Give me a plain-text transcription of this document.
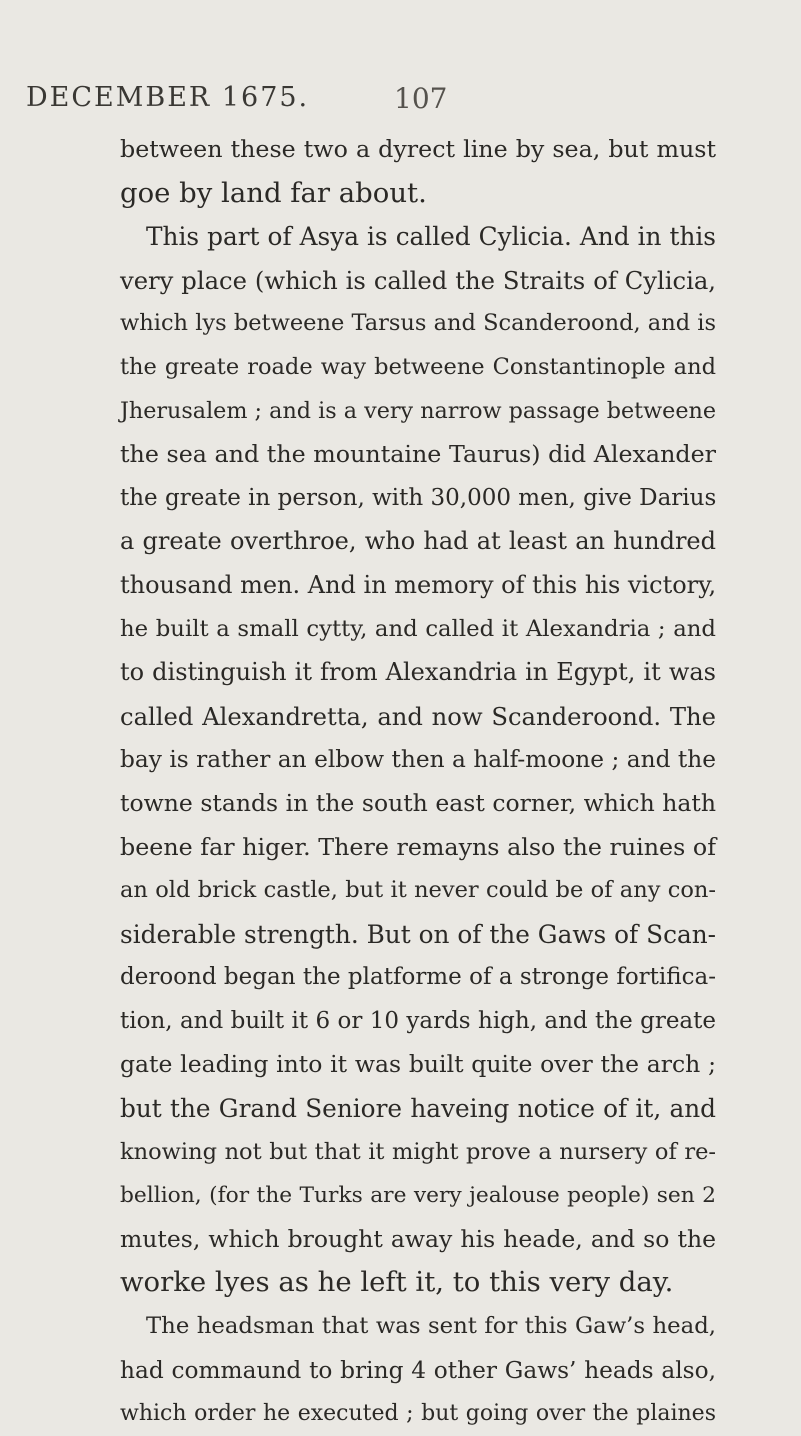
DECEMBER 1675.	107
between these two a dyrect line by sea, but must
goe by land far about.
This part of Asya is called Cylicia. And in this
very place (which is called the Straits of Cylicia,
which lys betweene Tarsus and Scanderoond, and is
the greate roade way betweene Constantinople and
Jherusalem ; and is a very narrow passage betweene
the sea and the mountaine Taurus) did Alexander
the greate in person, with 30,000 men, give Darius
a greate overthroe, who had at least an hundred
thousand men. And in memory of this his victory,
he built a small cytty, and called it Alexandria ; and
to distinguish it from Alexandria in Egypt, it was
called Alexandretta, and now Scanderoond. The
bay is rather an elbow then a half-moone ; and the
towne stands in the south east corner, which hath
beene far higer. There remayns also the ruines of
an old brick castle, but it never could be of any con-
siderable strength. But on of the Gaws of Scan-
deroond began the platforme of a stronge fortifica-
tion, and built it 6 or 10 yards high, and the greate
gate leading into it was built quite over the arch ;
but the Grand Seniore haveing notice of it, and
knowing not but that it might prove a nursery of re-
bellion, (for the Turks are very jealouse people) sen 2
mutes, which brought away his heade, and so the
worke lyes as he left it, to this very day.
The headsman that was sent for this Gaw’s head,
had commaund to bring 4 other Gaws’ heads also,
which order he executed ; but going over the plaines
